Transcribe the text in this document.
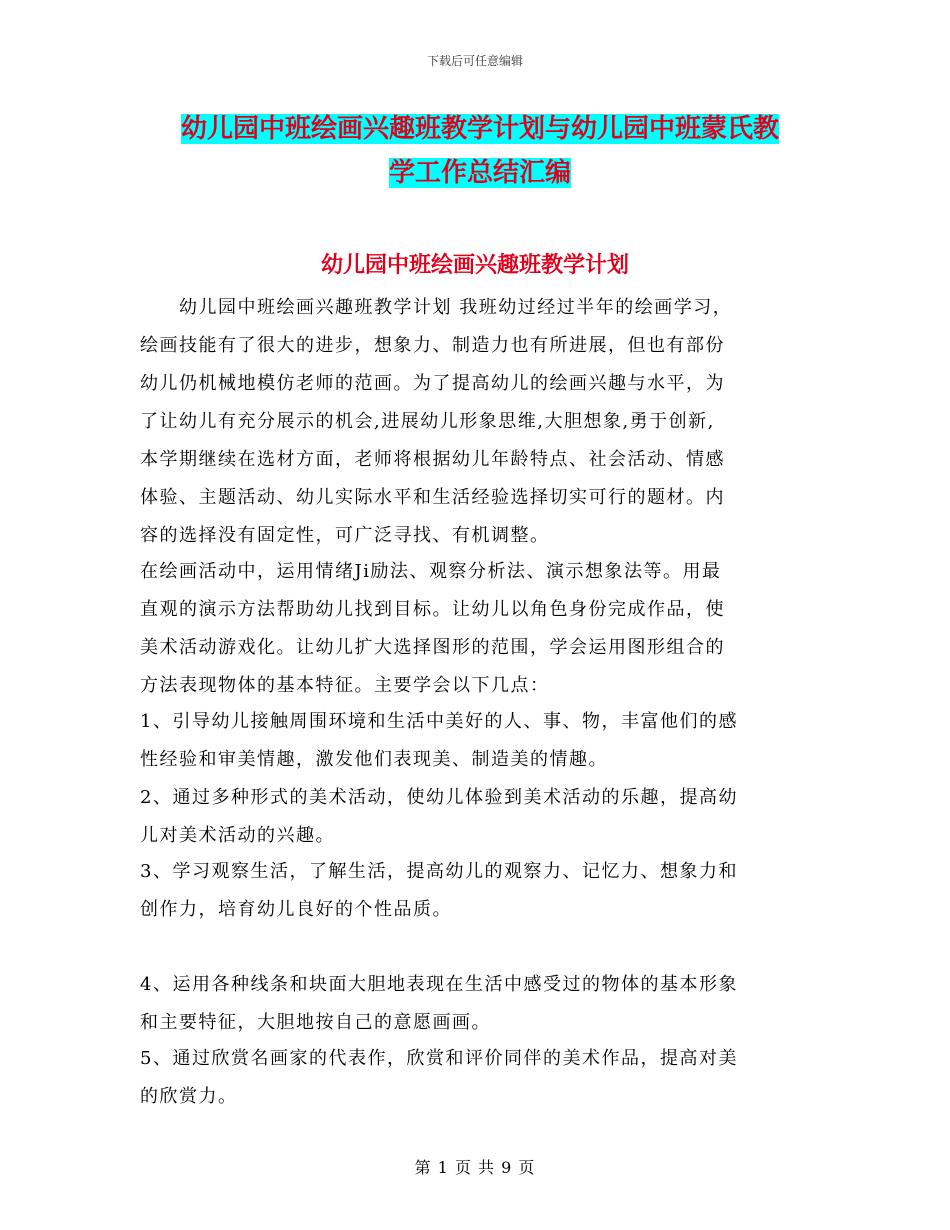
下载后可任意编辑
幼儿园中班绘画兴趣班教学计划与幼儿园中班蒙氏教
学工作总结汇编
幼儿园中班绘画兴趣班教学计划
　　幼儿园中班绘画兴趣班教学计划 我班幼过经过半年的绘画学习，
绘画技能有了很大的进步，想象力、制造力也有所进展，但也有部份
幼儿仍机械地模仿老师的范画。为了提高幼儿的绘画兴趣与水平，为
了让幼儿有充分展示的机会,进展幼儿形象思维,大胆想象,勇于创新,
本学期继续在选材方面，老师将根据幼儿年龄特点、社会活动、情感
体验、主题活动、幼儿实际水平和生活经验选择切实可行的题材。内
容的选择没有固定性，可广泛寻找、有机调整。
在绘画活动中，运用情绪Ji励法、观察分析法、演示想象法等。用最
直观的演示方法帮助幼儿找到目标。让幼儿以角色身份完成作品，使
美术活动游戏化。让幼儿扩大选择图形的范围，学会运用图形组合的
方法表现物体的基本特征。主要学会以下几点：
1、引导幼儿接触周围环境和生活中美好的人、事、物，丰富他们的感
性经验和审美情趣，激发他们表现美、制造美的情趣。
2、通过多种形式的美术活动，使幼儿体验到美术活动的乐趣，提高幼
儿对美术活动的兴趣。
3、学习观察生活，了解生活，提高幼儿的观察力、记忆力、想象力和
创作力，培育幼儿良好的个性品质。
4、运用各种线条和块面大胆地表现在生活中感受过的物体的基本形象
和主要特征，大胆地按自己的意愿画画。
5、通过欣赏名画家的代表作，欣赏和评价同伴的美术作品，提高对美
的欣赏力。
第 1 页 共 9 页
